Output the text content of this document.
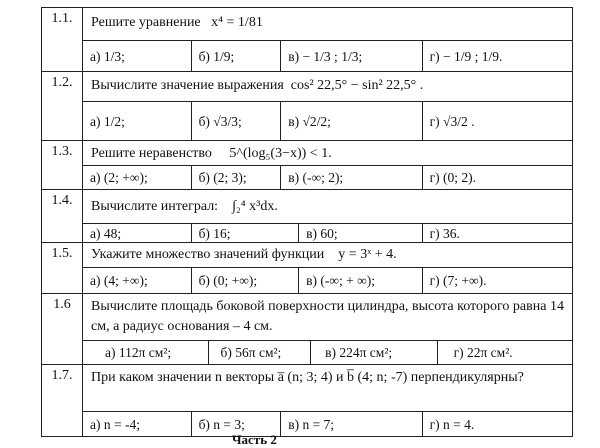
1.1.	Решите уравнение x⁴ = 1/81
а) 1/3;	б) 1/9;	в) − 1/3 ; 1/3;	г) − 1/9 ; 1/9.
1.2.	Вычислите значение выражения cos² 22,5° − sin² 22,5° .
а) 1/2;	б) √3/3;	в) √2/2;	г) √3/2 .
1.3.	Решите неравенство 5^(log₅(3−x)) < 1.
а) (2; +∞);	б) (2; 3);	в) (-∞; 2);	г) (0; 2).
1.4.	Вычислите интеграл: ∫₂⁴ x³dx.
а) 48;	б) 16;	в) 60;	г) 36.
1.5.	Укажите множество значений функции y = 3ˣ + 4.
а) (4; +∞);	б) (0; +∞);	в) (-∞; + ∞);	г) (7; +∞).
1.6	Вычислите площадь боковой поверхности цилиндра, высота которого равна 14 см, а радиус основания – 4 см.
а) 112π см²;	б) 56π см²;	в) 224π см²;	г) 22π см².
1.7.	При каком значении n векторы a̅ (n; 3; 4) и b̅ (4; n; -7) перпендикулярны?
а) n = -4;	б) n = 3;	в) n = 7;	г) n = 4.
Часть 2
